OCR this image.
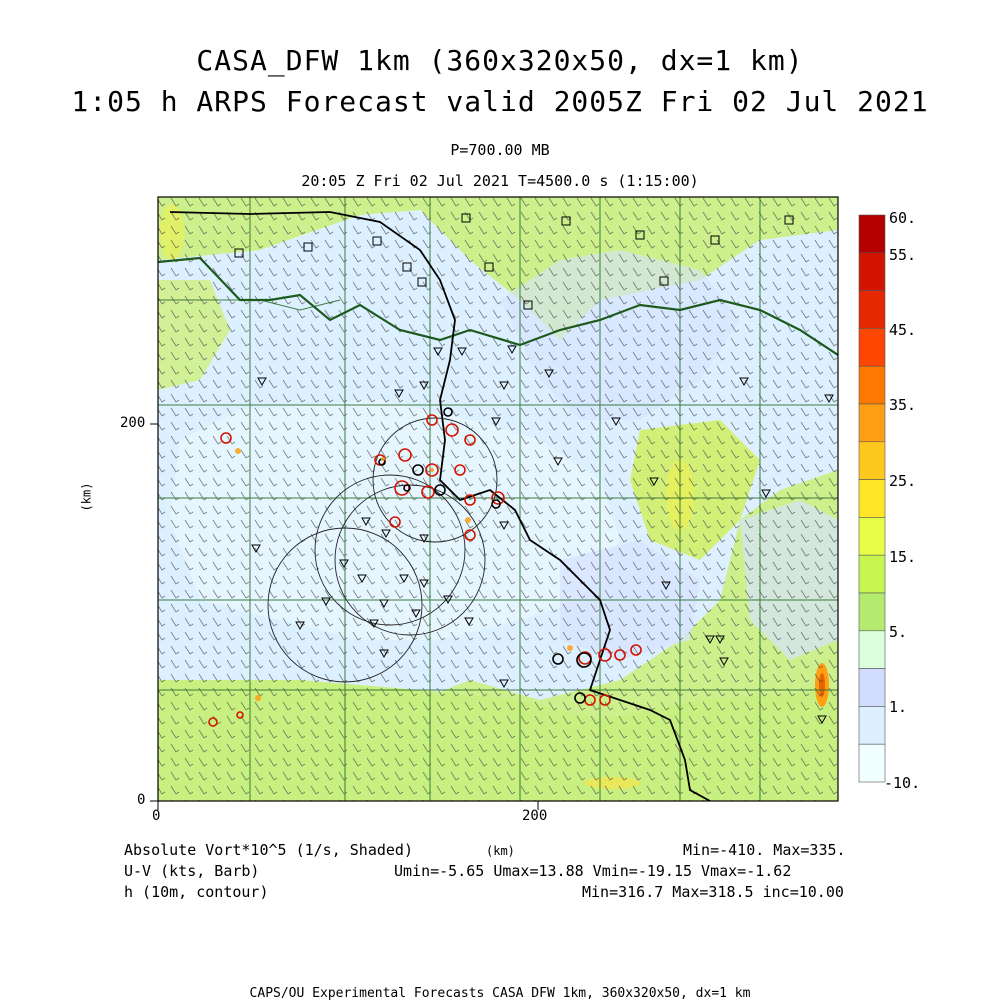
CASA_DFW 1km (360x320x50, dx=1 km)
1:05 h ARPS Forecast valid 2005Z Fri 02 Jul 2021
P=700.00 MB
20:05 Z Fri 02 Jul 2021 T=4500.0 s (1:15:00)
0	200
0
200
(km)
(km)
60.
55.
45.
35.
25.
15.
5.
1.
-10.
Absolute Vort*10^5 (1/s, Shaded)
U-V (kts, Barb)
h (10m, contour)
Min=-410. Max=335.
Umin=-5.65 Umax=13.88 Vmin=-19.15 Vmax=-1.62
Min=316.7 Max=318.5 inc=10.00
CAPS/OU Experimental Forecasts CASA DFW 1km, 360x320x50, dx=1 km
